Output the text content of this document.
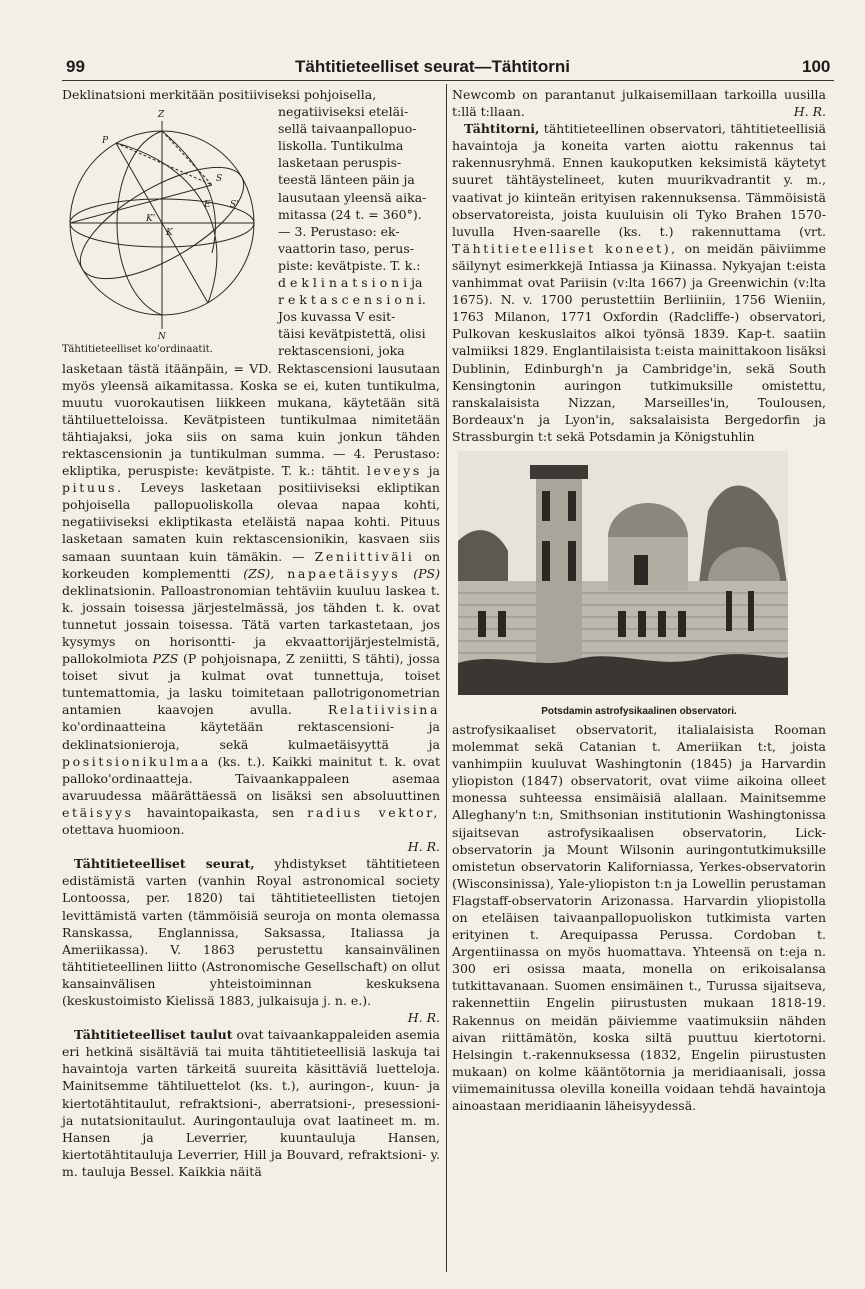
99	Tähtitieteelliset seurat—Tähtitorni	100

Deklinatsioni merkitään positiiviseksi pohjoisella,

Z
P
S
S'
K'
K
E
N
Tähtitieteelliset ko'ordinaatit.

negatiiviseksi eteläi-

sellä taivaanpallopuo-

liskolla. Tuntikulma

lasketaan peruspis-

teestä länteen päin ja

lausutaan yleensä aika-

mitassa (24 t. = 360°).

— 3. Perustaso: ek-

vaattorin taso, perus-

piste: kevätpiste. T. k.:

d e k l i n a t s i o n i ja

r e k t a s c e n s i o n i.

Jos kuvassa V esit-

täisi kevätpistettä, olisi

rektascensioni, joka

lasketaan tästä itäänpäin, = VD. Rektascensioni lausutaan myös yleensä aikamitassa. Koska se ei, kuten tuntikulma, muutu vuorokautisen liikkeen mukana, käytetään sitä tähtiluetteloissa. Kevätpisteen tuntikulmaa nimitetään tähtiajaksi, joka siis on sama kuin jonkun tähden rektascensionin ja tuntikulman summa. — 4. Perustaso: ekliptika, peruspiste: kevätpiste. T. k.: tähtit. leveys ja pituus. Leveys lasketaan positiiviseksi ekliptikan pohjoisella pallopuoliskolla olevaa napaa kohti, negatiiviseksi ekliptikasta eteläistä napaa kohti. Pituus lasketaan samaten kuin rektascensionikin, kasvaen siis samaan suuntaan kuin tämäkin. — Zeniittiväli on korkeuden komplementti (ZS), napaetäisyys (PS) deklinatsionin. Palloastronomian tehtäviin kuuluu laskea t. k. jossain toisessa järjestelmässä, jos tähden t. k. ovat tunnetut jossain toisessa. Tätä varten tarkastetaan, jos kysymys on horisontti- ja ekvaattorijärjestelmistä, pallokolmiota PZS (P pohjoisnapa, Z zeniitti, S tähti), jossa toiset sivut ja kulmat ovat tunnettuja, toiset tuntemattomia, ja lasku toimitetaan pallotrigonometrian antamien kaavojen avulla.	Relatiivisina ko'ordinaatteina käytetään rektascensioni- ja deklinatsionieroja, sekä kulmaetäisyyttä ja positsionikulmaa (ks. t.). Kaikki mainitut t. k. ovat palloko'ordinaatteja. Taivaankappaleen asemaa avaruudessa määrättäessä on lisäksi sen absoluuttinen etäisyys havaintopaikasta, sen radius vektor, otettava huomioon.

H. R.

Tähtitieteelliset seurat, yhdistykset tähtitieteen edistämistä varten (vanhin Royal astronomical society Lontoossa, per. 1820) tai tähtitieteellisten tietojen levittämistä varten (tämmöisiä seuroja on monta olemassa Ranskassa, Englannissa, Saksassa, Italiassa ja Ameriikassa). V. 1863 perustettu kansainvälinen tähtitieteellinen liitto (Astronomische Gesellschaft) on ollut kansainvälisen yhteistoiminnan keskuksena (keskustoimisto Kielissä 1883, julkaisuja j. n. e.).

H. R.

Tähtitieteelliset taulut ovat taivaankappaleiden asemia eri hetkinä sisältäviä tai muita tähtitieteellisiä laskuja tai havaintoja varten tärkeitä suureita käsittäviä luetteloja. Mainitsemme tähtiluettelot (ks. t.), auringon-, kuun- ja kiertotähtitaulut, refraktsioni-, aberratsioni-, presessioni- ja nutatsionitaulut. Auringontauluja ovat laatineet m. m. Hansen ja Leverrier, kuuntauluja Hansen, kiertotähtitauluja Leverrier, Hill ja Bouvard, refraktsioni- y. m. tauluja Bessel. Kaikkia näitä

Newcomb on parantanut julkaisemillaan tarkoilla uusilla t:llä t:llaan.	H. R.

Tähtitorni, tähtitieteellinen observatori, tähtitieteellisiä havaintoja ja koneita varten aiottu rakennus tai rakennusryhmä. Ennen kaukoputken keksimistä käytetyt suuret tähtäystelineet, kuten muurikvadrantit y. m., vaativat jo kiinteän erityisen rakennuksensa. Tämmöisistä observatoreista, joista kuuluisin oli Tyko Brahen 1570-luvulla Hven-saarelle (ks. t.) rakennuttama (vrt. Tähtitieteelliset koneet), on meidän päiviimme säilynyt esimerkkejä Intiassa ja Kiinassa. Nykyajan t:eista vanhimmat ovat Pariisin (v:lta 1667) ja Greenwichin (v:lta 1675). N. v. 1700 perustettiin Berliiniin, 1756 Wieniin, 1763 Milanon, 1771 Oxfordin (Radcliffe-) observatori, Pulkovan keskuslaitos alkoi työnsä 1839. Kap-t. saatiin valmiiksi 1829. Englantilaisista t:eista mainittakoon lisäksi Dublinin, Edinburgh'n ja Cambridge'in, sekä South Kensingtonin auringon tutkimuksille omistettu, ranskalaisista Nizzan, Marseilles'in, Toulousen, Bordeaux'n ja Lyon'in, saksalaisista Bergedorfin ja Strassburgin t:t sekä Potsdamin ja Königstuhlin

Potsdamin astrofysikaalinen observatori.

astrofysikaaliset observatorit, italialaisista Rooman molemmat sekä Catanian t. Ameriikan t:t, joista vanhimpiin kuuluvat Washingtonin (1845) ja Harvardin yliopiston (1847) observatorit, ovat viime aikoina olleet monessa suhteessa ensimäisiä alallaan. Mainitsemme Alleghany'n t:n, Smithsonian institutionin Washingtonissa sijaitsevan astrofysikaalisen observatorin, Lick-observatorin ja Mount Wilsonin auringontutkimuksille omistetun observatorin Kaliforniassa, Yerkes-observatorin (Wisconsinissa), Yale-yliopiston t:n ja Lowellin perustaman Flagstaff-observatorin Arizonassa. Harvardin yliopistolla on eteläisen taivaanpallopuoliskon tutkimista varten erityinen t. Arequipassa Perussa. Cordoban t. Argentiinassa on myös huomattava. Yhteensä on t:eja n. 300 eri osissa maata, monella on erikoisalansa tutkittavanaan. Suomen ensimäinen t., Turussa sijaitseva, rakennettiin Engelin piirustusten mukaan 1818-19. Rakennus on meidän päiviemme vaatimuksiin nähden aivan riittämätön, koska siltä puuttuu kiertotorni. Helsingin t.-rakennuksessa (1832, Engelin piirustusten mukaan) on kolme kääntötornia ja meridiaanisali, jossa viimemainitussa olevilla koneilla voidaan tehdä havaintoja ainoastaan meridiaanin läheisyydessä.
